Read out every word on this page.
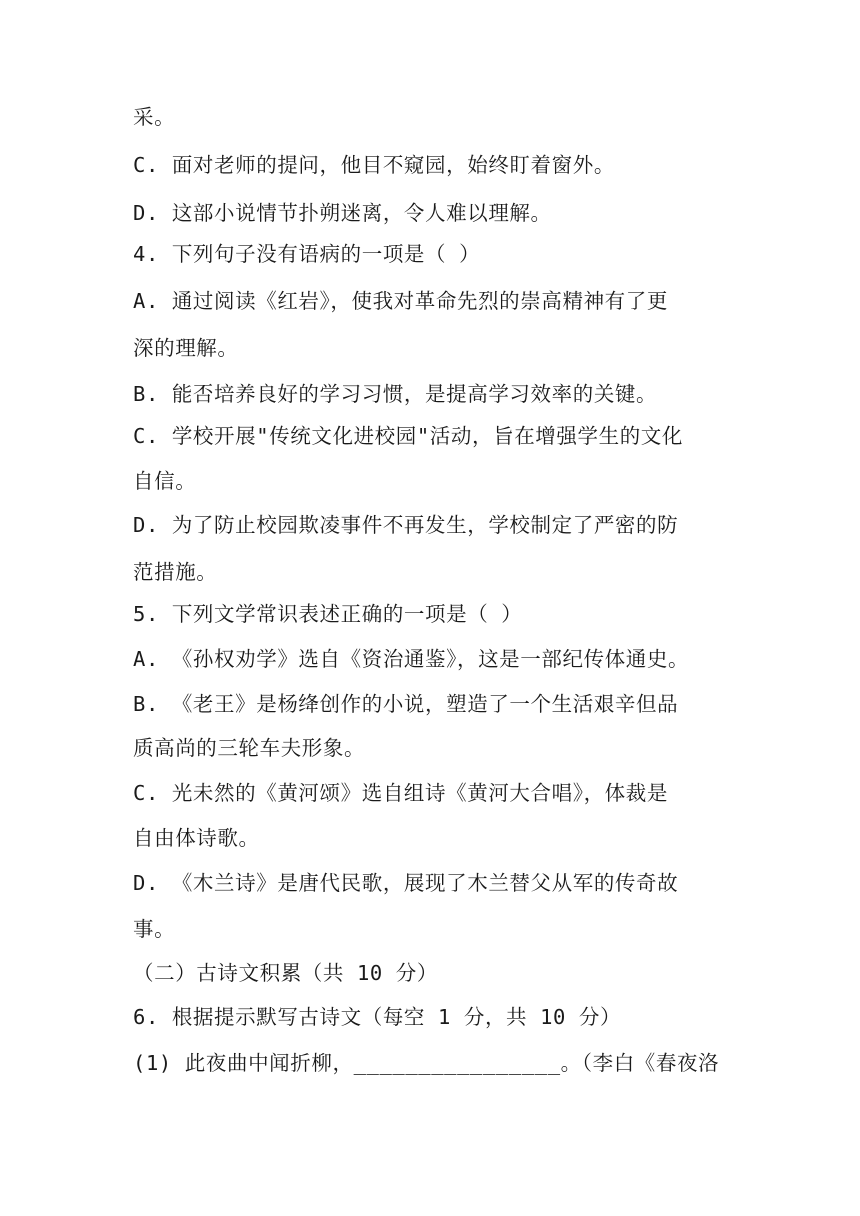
采。
C. 面对老师的提问，他目不窥园，始终盯着窗外。
D. 这部小说情节扑朔迷离，令人难以理解。
4. 下列句子没有语病的一项是（ ）
A. 通过阅读《红岩》，使我对革命先烈的崇高精神有了更
深的理解。
B. 能否培养良好的学习习惯，是提高学习效率的关键。
C. 学校开展"传统文化进校园"活动，旨在增强学生的文化
自信。
D. 为了防止校园欺凌事件不再发生，学校制定了严密的防
范措施。
5. 下列文学常识表述正确的一项是（ ）
A. 《孙权劝学》选自《资治通鉴》，这是一部纪传体通史。
B. 《老王》是杨绛创作的小说，塑造了一个生活艰辛但品
质高尚的三轮车夫形象。
C. 光未然的《黄河颂》选自组诗《黄河大合唱》，体裁是
自由体诗歌。
D. 《木兰诗》是唐代民歌，展现了木兰替父从军的传奇故
事。
（二）古诗文积累（共 10 分）
6. 根据提示默写古诗文（每空 1 分，共 10 分）
(1) 此夜曲中闻折柳，________________。（李白《春夜洛
